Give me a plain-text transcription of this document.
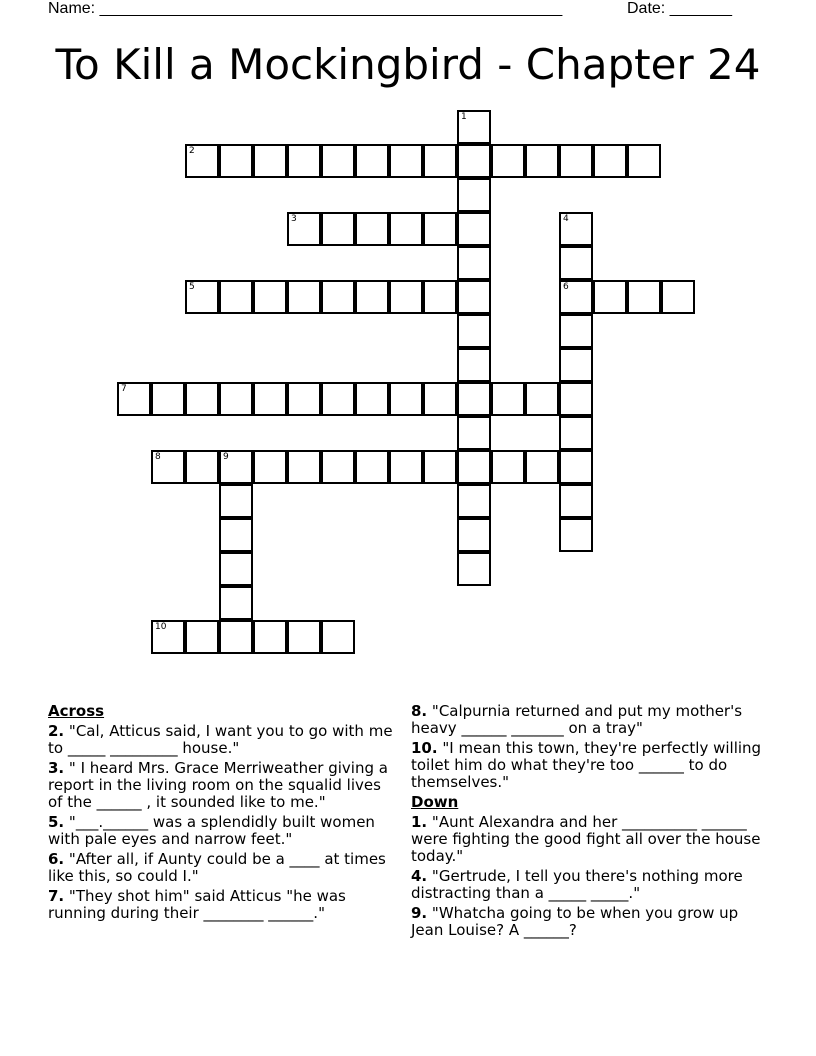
Name: ____________________________________________________	Date: _______
To Kill a Mockingbird - Chapter 24
2
3
5	6
7
8	9
10
1
4
Across
2. "Cal, Atticus said, I want you to go with me to _____ _________ house."
3. " I heard Mrs. Grace Merriweather giving a report in the living room on the squalid lives of the ______ , it sounded like to me."
5. "___.______ was a splendidly built women with pale eyes and narrow feet."
6. "After all, if Aunty could be a ____ at times like this, so could I."
7. "They shot him" said Atticus "he was running during their ________ ______."
8. "Calpurnia returned and put my mother's heavy ______ _______ on a tray"
10. "I mean this town, they're perfectly willing toilet him do what they're too ______ to do themselves."
Down
1. "Aunt Alexandra and her __________ ______ were fighting the good fight all over the house today."
4. "Gertrude, I tell you there's nothing more distracting than a _____ _____."
9. "Whatcha going to be when you grow up Jean Louise? A ______?
